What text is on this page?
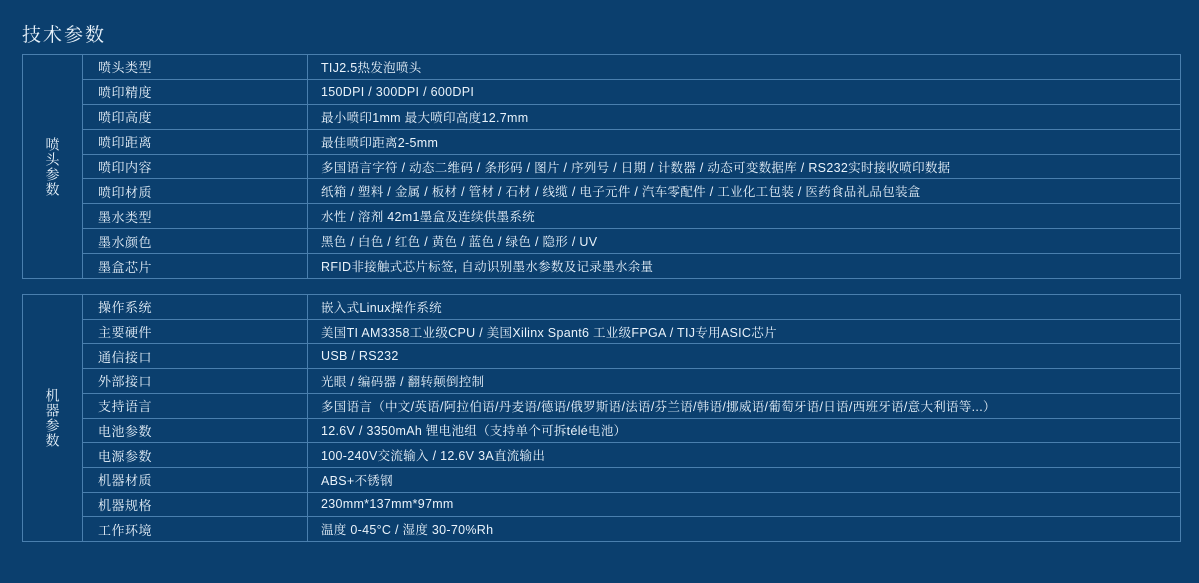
技术参数
喷头参数
喷头类型	TIJ2.5热发泡喷头
喷印精度	150DPI / 300DPI / 600DPI
喷印高度	最小喷印1mm 最大喷印高度12.7mm
喷印距离	最佳喷印距离2-5mm
喷印内容	多国语言字符 / 动态二维码 / 条形码 / 图片 / 序列号 / 日期 / 计数器 / 动态可变数据库 / RS232实时接收喷印数据
喷印材质	纸箱 / 塑料 / 金属 / 板材 / 管材 / 石材 / 线缆 / 电子元件 / 汽车零配件 / 工业化工包装 / 医药食品礼品包装盒
墨水类型	水性 / 溶剂 42m1墨盒及连续供墨系统
墨水颜色	黑色 / 白色 / 红色 / 黄色 / 蓝色 / 绿色 / 隐形 / UV
墨盒芯片	RFID非接触式芯片标签, 自动识别墨水参数及记录墨水余量
机器参数
操作系统	嵌入式Linux操作系统
主要硬件	美国TI AM3358工业级CPU / 美国Xilinx Spant6 工业级FPGA / TIJ专用ASIC芯片
通信接口	USB / RS232
外部接口	光眼 / 编码器 / 翻转颠倒控制
支持语言	多国语言（中文/英语/阿拉伯语/丹麦语/德语/俄罗斯语/法语/芬兰语/韩语/挪威语/葡萄牙语/日语/西班牙语/意大利语等...）
电池参数	12.6V / 3350mAh 锂电池组（支持单个可拆télé电池）
电源参数	100-240V交流输入 / 12.6V 3A直流输出
机器材质	ABS+不锈钢
机器规格	230mm*137mm*97mm
工作环境	温度 0-45°C / 湿度 30-70%Rh
